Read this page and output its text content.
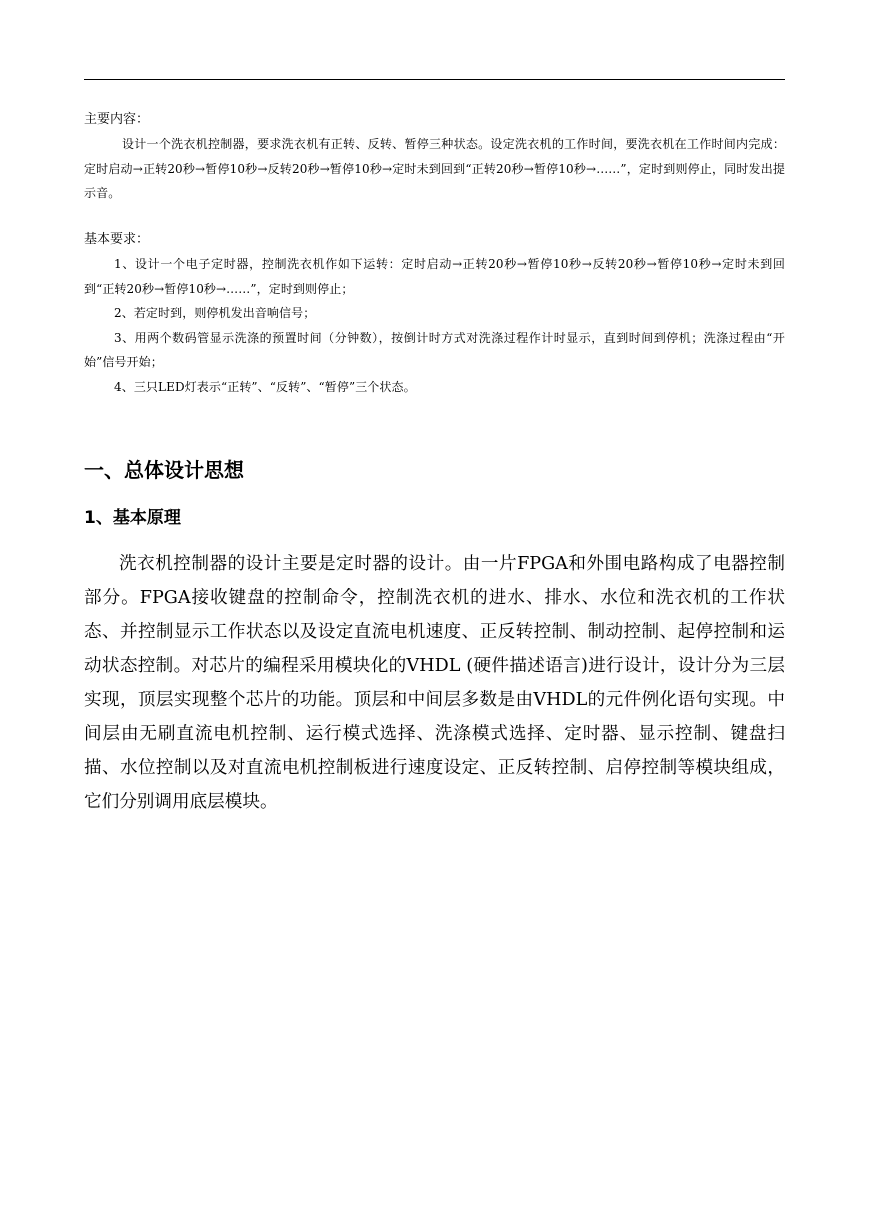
主要内容：

设计一个洗衣机控制器，要求洗衣机有正转、反转、暂停三种状态。设定洗衣机的工作时间，要洗衣机在工作时间内完成：定时启动→正转20秒→暂停10秒→反转20秒→暂停10秒→定时未到回到“正转20秒→暂停10秒→……”，定时到则停止，同时发出提示音。

基本要求：

1、设计一个电子定时器，控制洗衣机作如下运转：定时启动→正转20秒→暂停10秒→反转20秒→暂停10秒→定时未到回到“正转20秒→暂停10秒→……”，定时到则停止；

2、若定时到，则停机发出音响信号；

3、用两个数码管显示洗涤的预置时间（分钟数），按倒计时方式对洗涤过程作计时显示，直到时间到停机；洗涤过程由“开始”信号开始；

4、三只LED灯表示“正转”、“反转”、“暂停”三个状态。

一、总体设计思想
1、基本原理

洗衣机控制器的设计主要是定时器的设计。由一片FPGA和外围电路构成了电器控制部分。FPGA接收键盘的控制命令，控制洗衣机的进水、排水、水位和洗衣机的工作状态、并控制显示工作状态以及设定直流电机速度、正反转控制、制动控制、起停控制和运动状态控制。对芯片的编程采用模块化的VHDL (硬件描述语言)进行设计，设计分为三层实现，顶层实现整个芯片的功能。顶层和中间层多数是由VHDL的元件例化语句实现。中间层由无刷直流电机控制、运行模式选择、洗涤模式选择、定时器、显示控制、键盘扫描、水位控制以及对直流电机控制板进行速度设定、正反转控制、启停控制等模块组成，它们分别调用底层模块。
